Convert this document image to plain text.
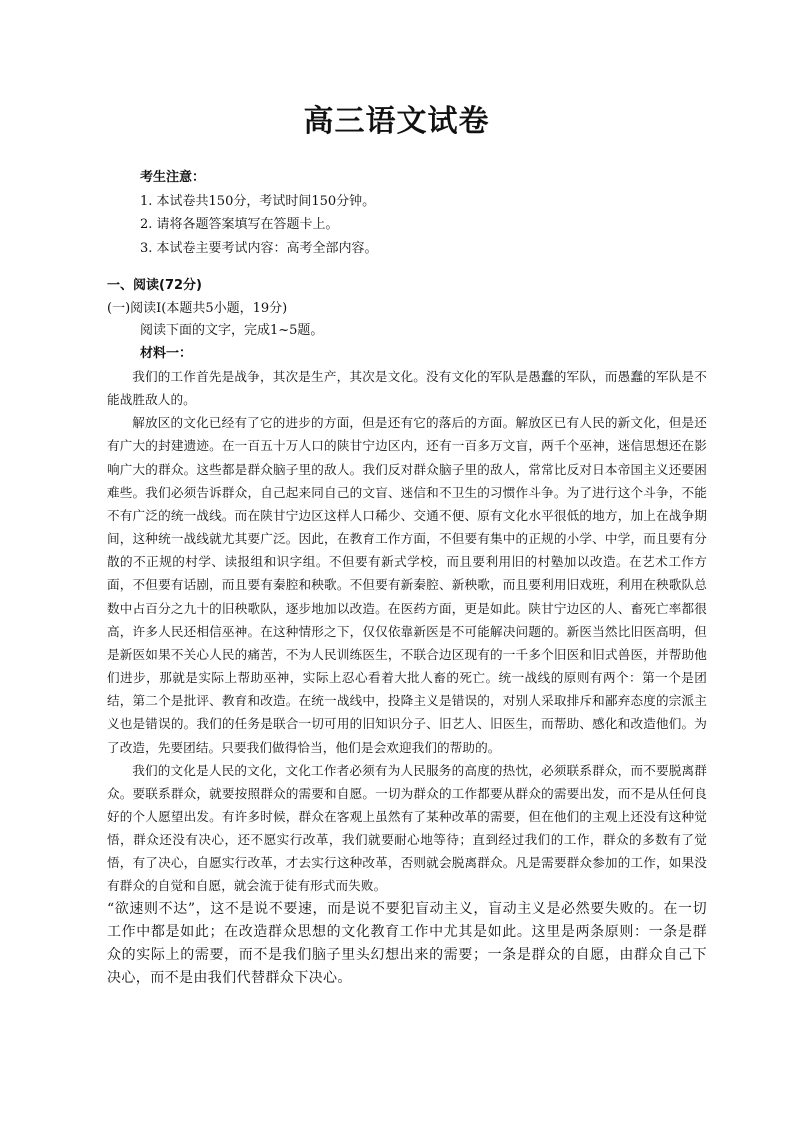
高三语文试卷
考生注意：
1. 本试卷共150分，考试时间150分钟。
2. 请将各题答案填写在答题卡上。
3. 本试卷主要考试内容：高考全部内容。
一、阅读(72分)
(一)阅读Ⅰ(本题共5小题，19分)
阅读下面的文字，完成1~5题。
材料一：

我们的工作首先是战争，其次是生产，其次是文化。没有文化的军队是愚蠢的军队，而愚蠢的军队是不能战胜敌人的。

解放区的文化已经有了它的进步的方面，但是还有它的落后的方面。解放区已有人民的新文化，但是还有广大的封建遗迹。在一百五十万人口的陕甘宁边区内，还有一百多万文盲，两千个巫神，迷信思想还在影响广大的群众。这些都是群众脑子里的敌人。我们反对群众脑子里的敌人，常常比反对日本帝国主义还要困难些。我们必须告诉群众，自己起来同自己的文盲、迷信和不卫生的习惯作斗争。为了进行这个斗争，不能不有广泛的统一战线。而在陕甘宁边区这样人口稀少、交通不便、原有文化水平很低的地方，加上在战争期间，这种统一战线就尤其要广泛。因此，在教育工作方面，不但要有集中的正规的小学、中学，而且要有分散的不正规的村学、读报组和识字组。不但要有新式学校，而且要利用旧的村塾加以改造。在艺术工作方面，不但要有话剧，而且要有秦腔和秧歌。不但要有新秦腔、新秧歌，而且要利用旧戏班，利用在秧歌队总数中占百分之九十的旧秧歌队，逐步地加以改造。在医药方面，更是如此。陕甘宁边区的人、畜死亡率都很高，许多人民还相信巫神。在这种情形之下，仅仅依靠新医是不可能解决问题的。新医当然比旧医高明，但是新医如果不关心人民的痛苦，不为人民训练医生，不联合边区现有的一千多个旧医和旧式兽医，并帮助他们进步，那就是实际上帮助巫神，实际上忍心看着大批人畜的死亡。统一战线的原则有两个：第一个是团结，第二个是批评、教育和改造。在统一战线中，投降主义是错误的，对别人采取排斥和鄙弃态度的宗派主义也是错误的。我们的任务是联合一切可用的旧知识分子、旧艺人、旧医生，而帮助、感化和改造他们。为了改造，先要团结。只要我们做得恰当，他们是会欢迎我们的帮助的。

我们的文化是人民的文化，文化工作者必须有为人民服务的高度的热忱，必须联系群众，而不要脱离群众。要联系群众，就要按照群众的需要和自愿。一切为群众的工作都要从群众的需要出发，而不是从任何良好的个人愿望出发。有许多时候，群众在客观上虽然有了某种改革的需要，但在他们的主观上还没有这种觉悟，群众还没有决心，还不愿实行改革，我们就要耐心地等待；直到经过我们的工作，群众的多数有了觉悟，有了决心，自愿实行改革，才去实行这种改革，否则就会脱离群众。凡是需要群众参加的工作，如果没有群众的自觉和自愿，就会流于徒有形式而失败。

“欲速则不达”，这不是说不要速，而是说不要犯盲动主义，盲动主义是必然要失败的。在一切工作中都是如此；在改造群众思想的文化教育工作中尤其是如此。这里是两条原则：一条是群众的实际上的需要，而不是我们脑子里头幻想出来的需要；一条是群众的自愿，由群众自己下决心，而不是由我们代替群众下决心。
